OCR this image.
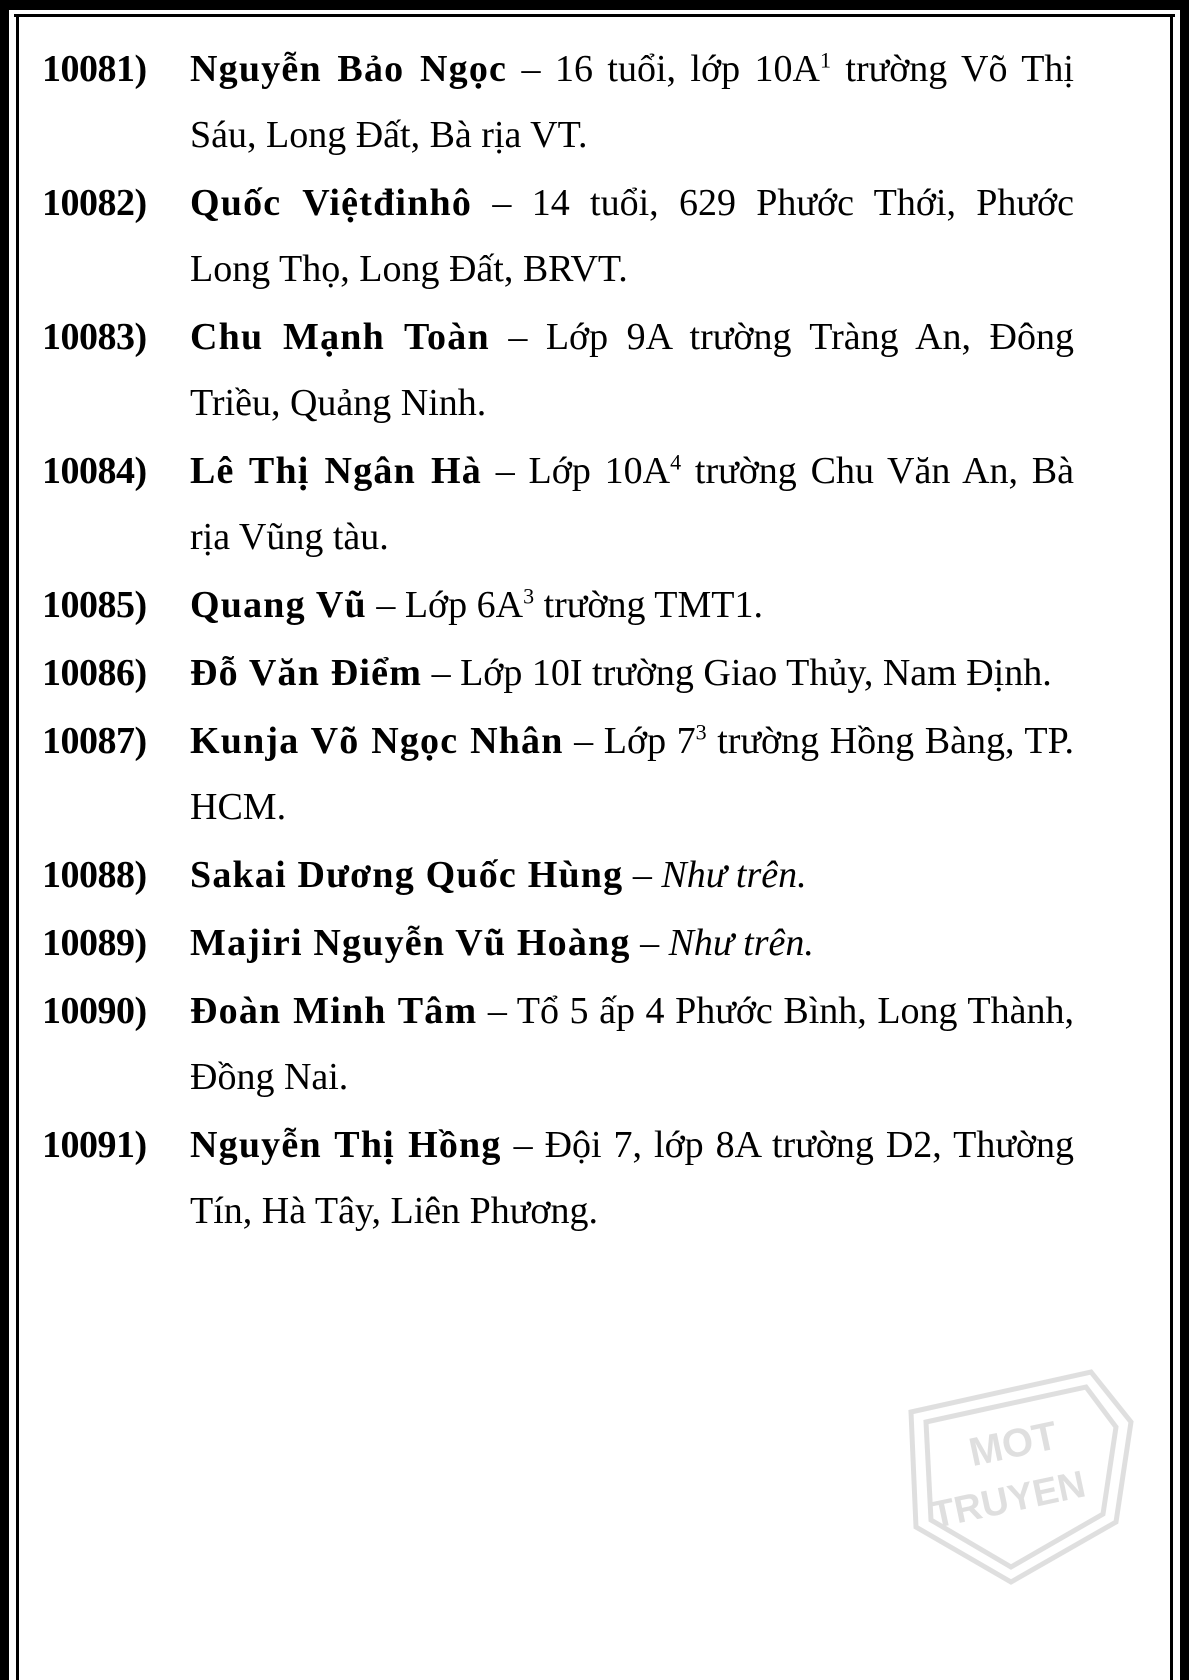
10081)	Nguyễn Bảo Ngọc – 16 tuổi, lớp $10A^1$ trường Võ Thị Sáu, Long Đất, Bà rịa VT.
10082)	Quốc Việtđinhô – 14 tuổi, 629 Phước Thới, Phước Long Thọ, Long Đất, BRVT.
10083)	Chu Mạnh Toàn – Lớp 9A trường Tràng An, Đông Triều, Quảng Ninh.
10084)	Lê Thị Ngân Hà – Lớp $10A^4$ trường Chu Văn An, Bà rịa Vũng tàu.
10085)	Quang Vũ – Lớp $6A^3$ trường TMT1.
10086)	Đỗ Văn Điểm – Lớp 10I trường Giao Thủy, Nam Định.
10087)	Kunja Võ Ngọc Nhân – Lớp $7^3$ trường Hồng Bàng, TP. HCM.
10088)	Sakai Dương Quốc Hùng – Như trên.
10089)	Majiri Nguyễn Vũ Hoàng – Như trên.
10090)	Đoàn Minh Tâm – Tổ 5 ấp 4 Phước Bình, Long Thành, Đồng Nai.
10091)	Nguyễn Thị Hồng – Đội 7, lớp 8A trường D2, Thường Tín, Hà Tây, Liên Phương.
MOT
TRUYEN
